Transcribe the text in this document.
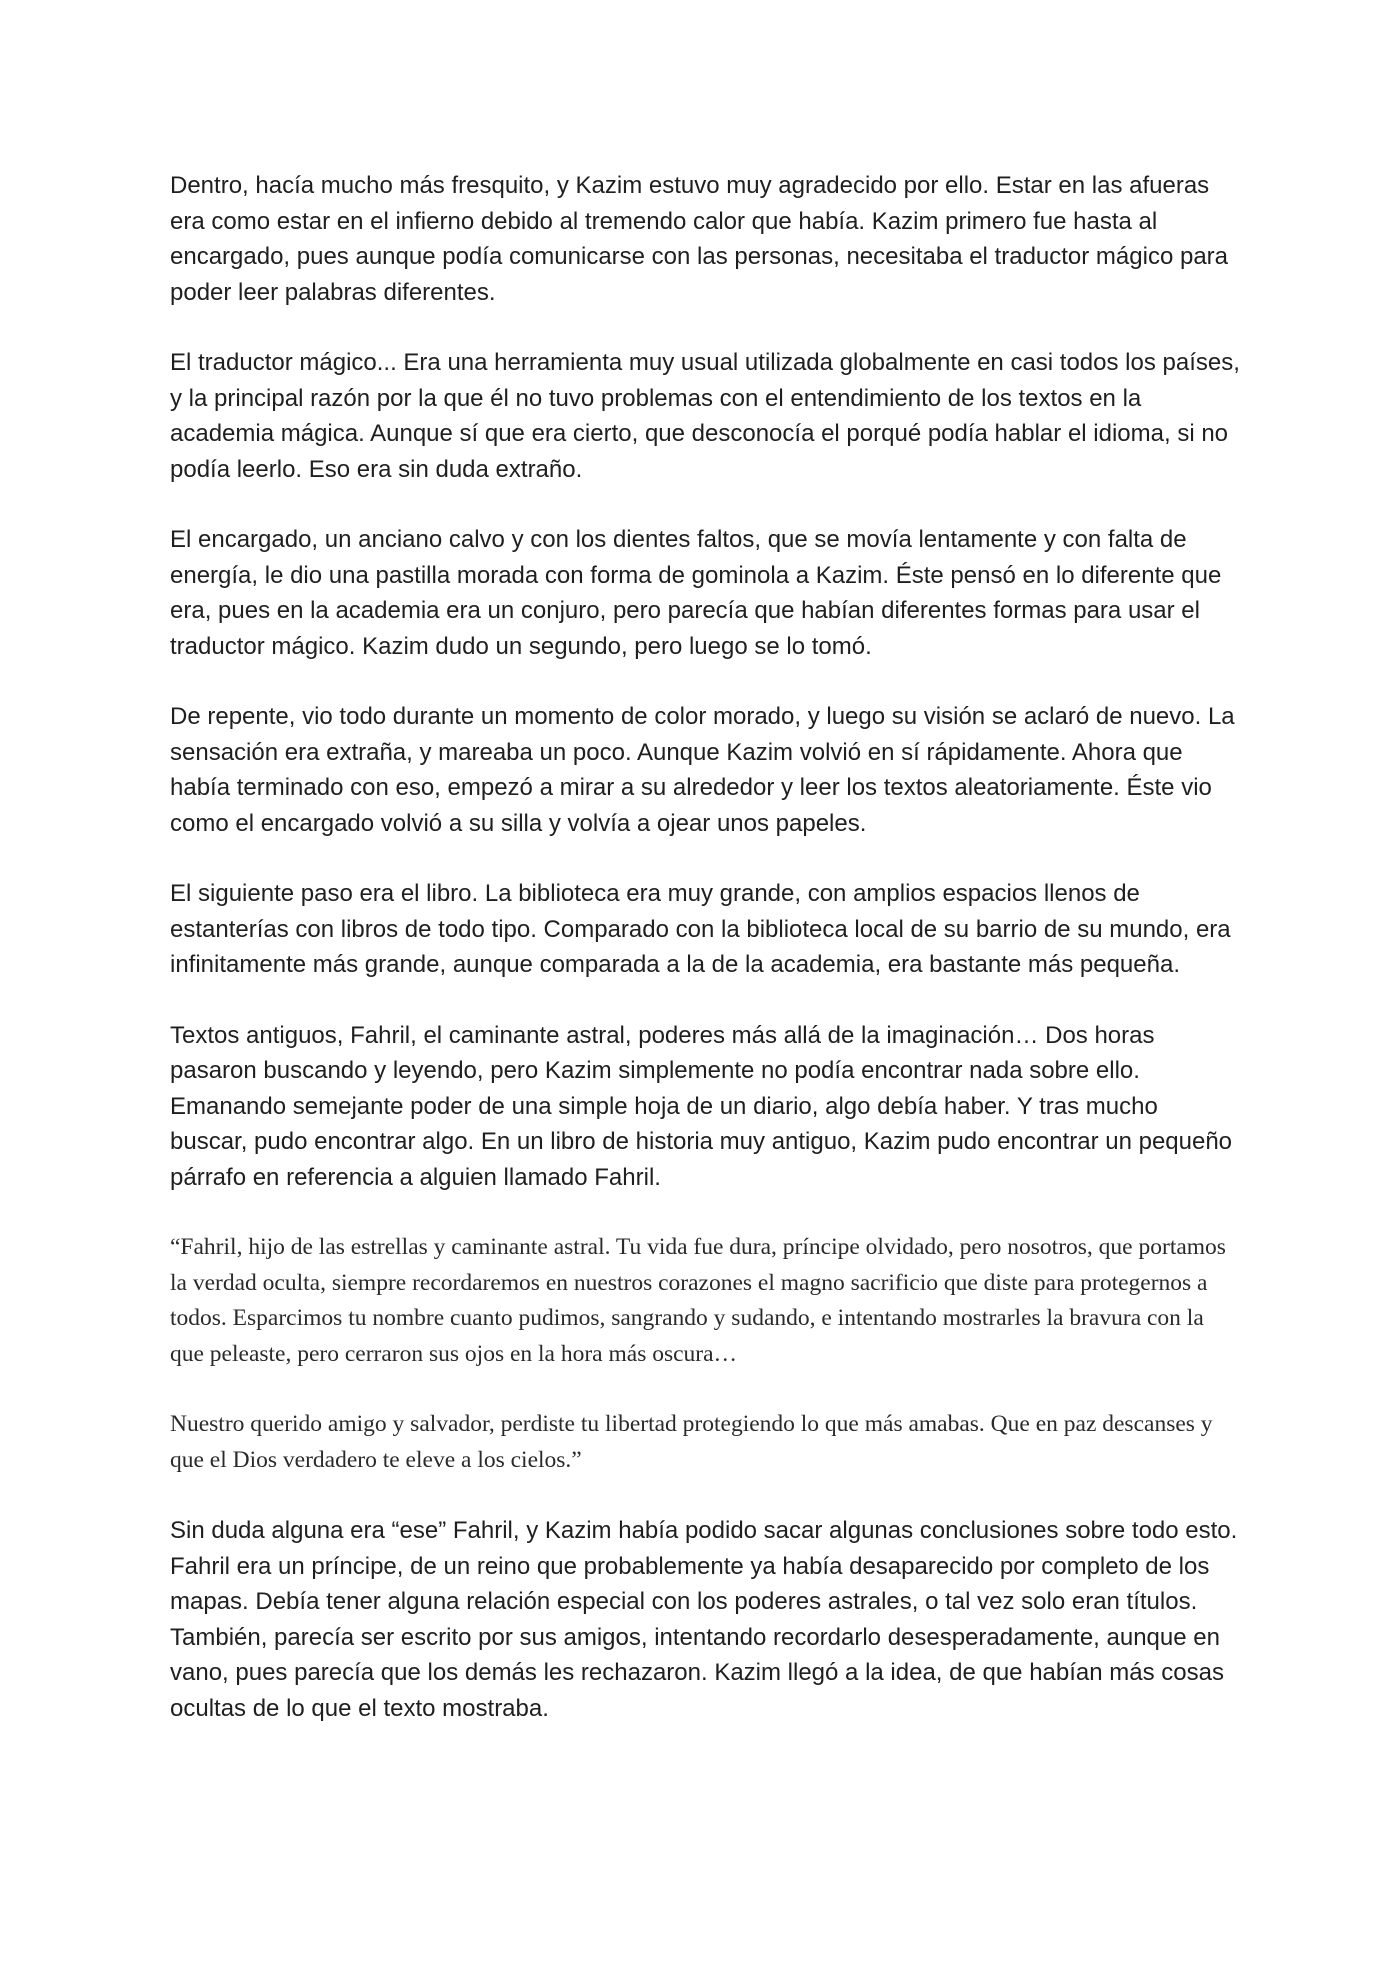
Dentro, hacía mucho más fresquito, y Kazim estuvo muy agradecido por ello. Estar en las afueras era como estar en el infierno debido al tremendo calor que había. Kazim primero fue hasta al encargado, pues aunque podía comunicarse con las personas, necesitaba el traductor mágico para poder leer palabras diferentes.

El traductor mágico... Era una herramienta muy usual utilizada globalmente en casi todos los países, y la principal razón por la que él no tuvo problemas con el entendimiento de los textos en la academia mágica. Aunque sí que era cierto, que desconocía el porqué podía hablar el idioma, si no podía leerlo. Eso era sin duda extraño.

El encargado, un anciano calvo y con los dientes faltos, que se movía lentamente y con falta de energía, le dio una pastilla morada con forma de gominola a Kazim. Éste pensó en lo diferente que era, pues en la academia era un conjuro, pero parecía que habían diferentes formas para usar el traductor mágico. Kazim dudo un segundo, pero luego se lo tomó.

De repente, vio todo durante un momento de color morado, y luego su visión se aclaró de nuevo. La sensación era extraña, y mareaba un poco. Aunque Kazim volvió en sí rápidamente. Ahora que había terminado con eso, empezó a mirar a su alrededor y leer los textos aleatoriamente. Éste vio como el encargado volvió a su silla y volvía a ojear unos papeles.

El siguiente paso era el libro. La biblioteca era muy grande, con amplios espacios llenos de estanterías con libros de todo tipo. Comparado con la biblioteca local de su barrio de su mundo, era infinitamente más grande, aunque comparada a la de la academia, era bastante más pequeña.

Textos antiguos, Fahril, el caminante astral, poderes más allá de la imaginación… Dos horas pasaron buscando y leyendo, pero Kazim simplemente no podía encontrar nada sobre ello. Emanando semejante poder de una simple hoja de un diario, algo debía haber. Y tras mucho buscar, pudo encontrar algo. En un libro de historia muy antiguo, Kazim pudo encontrar un pequeño párrafo en referencia a alguien llamado Fahril.

“Fahril, hijo de las estrellas y caminante astral. Tu vida fue dura, príncipe olvidado, pero nosotros, que portamos la verdad oculta, siempre recordaremos en nuestros corazones el magno sacrificio que diste para protegernos a todos. Esparcimos tu nombre cuanto pudimos, sangrando y sudando, e intentando mostrarles la bravura con la que peleaste, pero cerraron sus ojos en la hora más oscura…

Nuestro querido amigo y salvador, perdiste tu libertad protegiendo lo que más amabas. Que en paz descanses y que el Dios verdadero te eleve a los cielos.”

Sin duda alguna era “ese” Fahril, y Kazim había podido sacar algunas conclusiones sobre todo esto. Fahril era un príncipe, de un reino que probablemente ya había desaparecido por completo de los mapas. Debía tener alguna relación especial con los poderes astrales, o tal vez solo eran títulos. También, parecía ser escrito por sus amigos, intentando recordarlo desesperadamente, aunque en vano, pues parecía que los demás les rechazaron. Kazim llegó a la idea, de que habían más cosas ocultas de lo que el texto mostraba.
